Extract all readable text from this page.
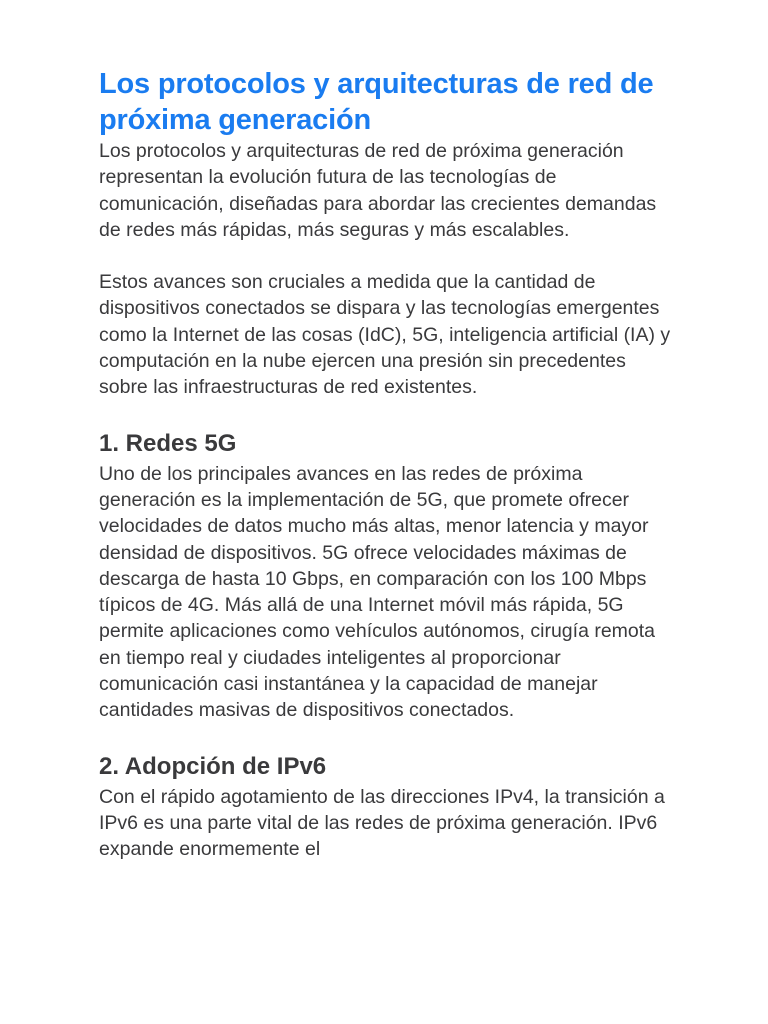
Los protocolos y arquitecturas de red de próxima generación

Los protocolos y arquitecturas de red de próxima generación representan la evolución futura de las tecnologías de comunicación, diseñadas para abordar las crecientes demandas de redes más rápidas, más seguras y más escalables.

Estos avances son cruciales a medida que la cantidad de dispositivos conectados se dispara y las tecnologías emergentes como la Internet de las cosas (IdC), 5G, inteligencia artificial (IA) y computación en la nube ejercen una presión sin precedentes sobre las infraestructuras de red existentes.

1. Redes 5G

Uno de los principales avances en las redes de próxima generación es la implementación de 5G, que promete ofrecer velocidades de datos mucho más altas, menor latencia y mayor densidad de dispositivos. 5G ofrece velocidades máximas de descarga de hasta 10 Gbps, en comparación con los 100 Mbps típicos de 4G. Más allá de una Internet móvil más rápida, 5G permite aplicaciones como vehículos autónomos, cirugía remota en tiempo real y ciudades inteligentes al proporcionar comunicación casi instantánea y la capacidad de manejar cantidades masivas de dispositivos conectados.

2. Adopción de IPv6

Con el rápido agotamiento de las direcciones IPv4, la transición a IPv6 es una parte vital de las redes de próxima generación. IPv6 expande enormemente el
